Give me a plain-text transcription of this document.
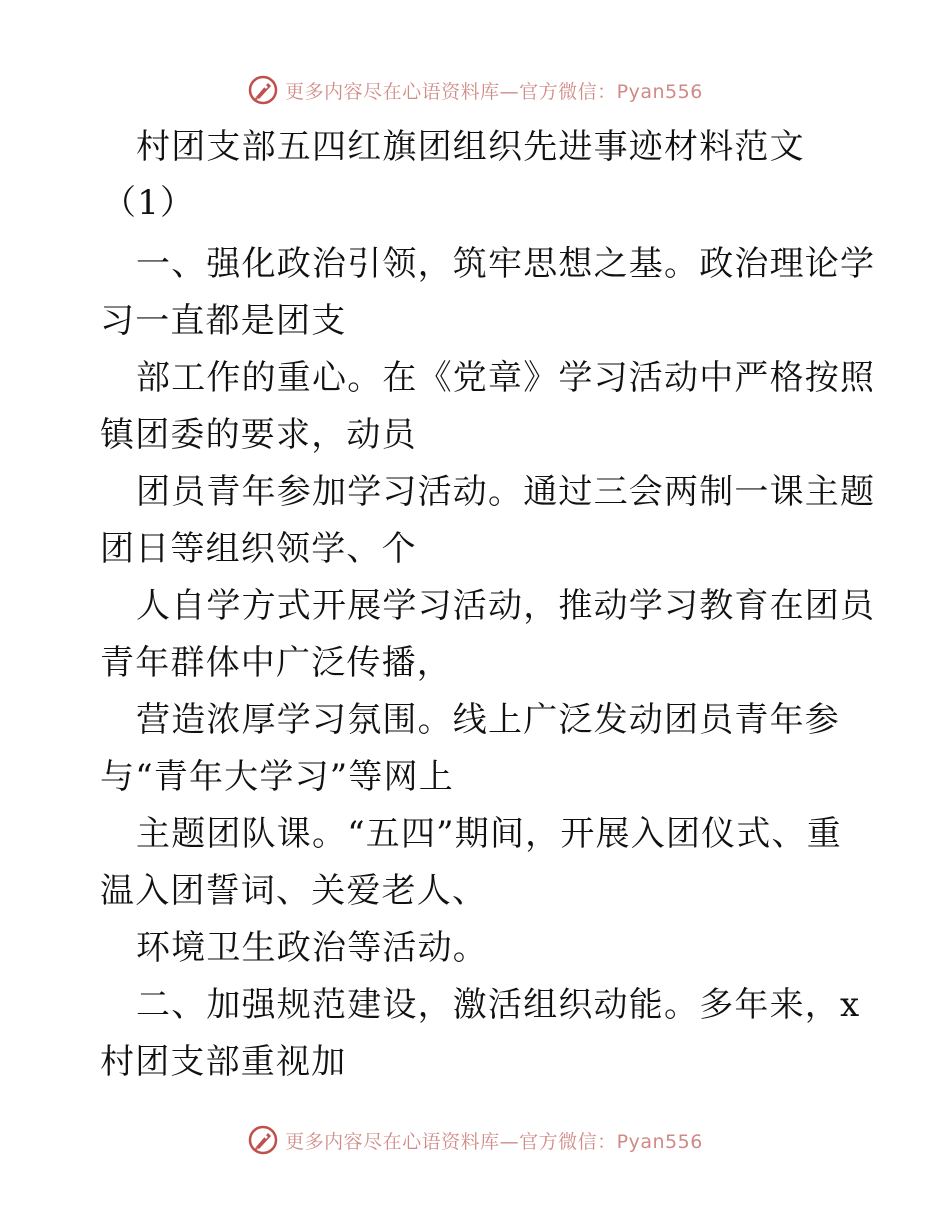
更多内容尽在心语资料库—官方微信：Pyan556
村团支部五四红旗团组织先进事迹材料范文
（1）
一、强化政治引领，筑牢思想之基。政治理论学
习一直都是团支
部工作的重心。在《党章》学习活动中严格按照
镇团委的要求，动员
团员青年参加学习活动。通过三会两制一课主题
团日等组织领学、个
人自学方式开展学习活动，推动学习教育在团员
青年群体中广泛传播，
营造浓厚学习氛围。线上广泛发动团员青年参
与“青年大学习”等网上
主题团队课。“五四”期间，开展入团仪式、重
温入团誓词、关爱老人、
环境卫生政治等活动。
二、加强规范建设，激活组织动能。多年来，x
村团支部重视加
更多内容尽在心语资料库—官方微信：Pyan556
